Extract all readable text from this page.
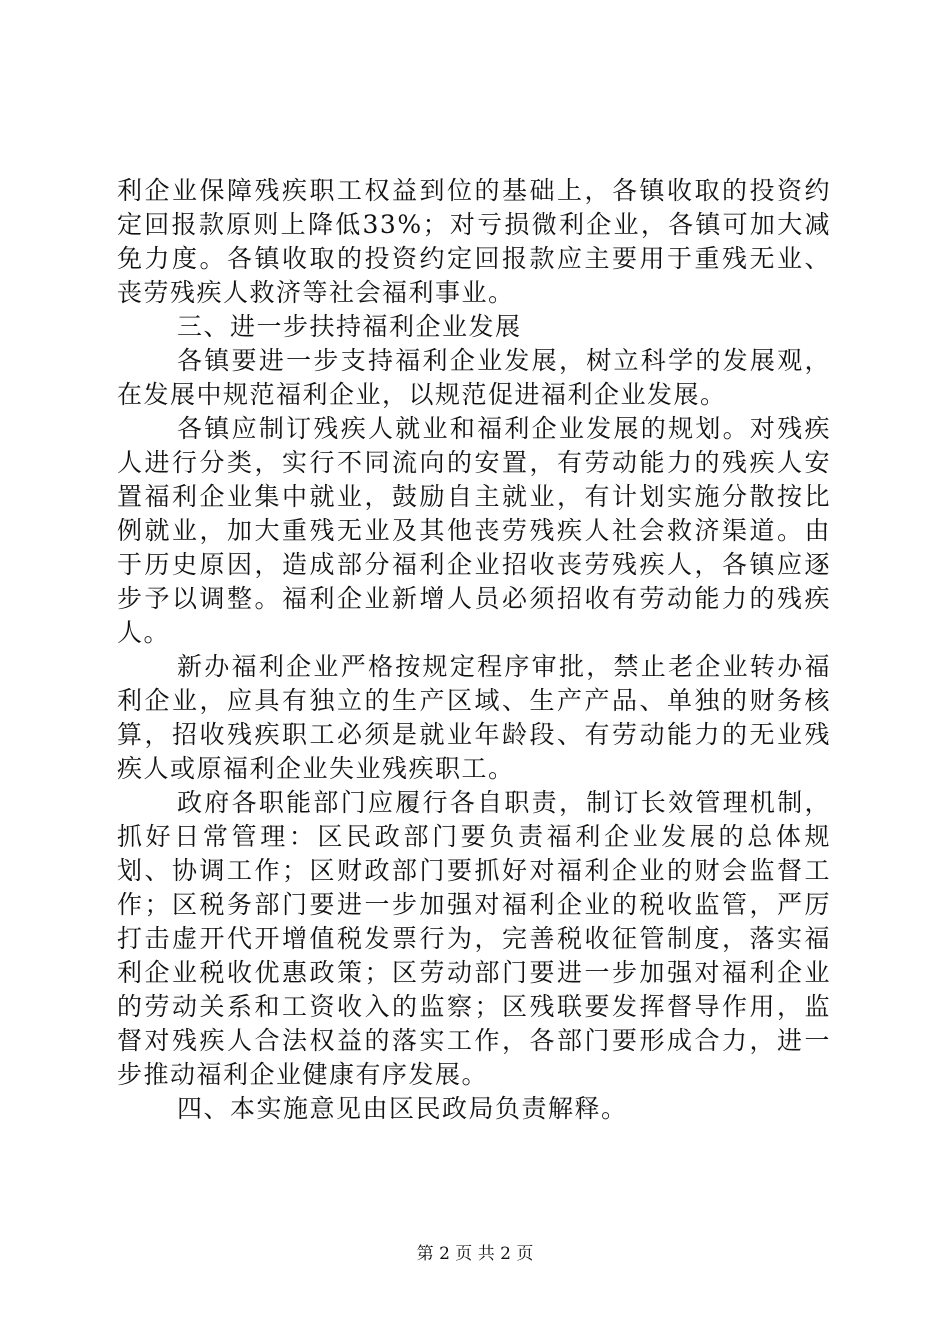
利企业保障残疾职工权益到位的基础上，各镇收取的投资约定回报款原则上降低33%；对亏损微利企业，各镇可加大减免力度。各镇收取的投资约定回报款应主要用于重残无业、丧劳残疾人救济等社会福利事业。

三、进一步扶持福利企业发展

各镇要进一步支持福利企业发展，树立科学的发展观，在发展中规范福利企业，以规范促进福利企业发展。

各镇应制订残疾人就业和福利企业发展的规划。对残疾人进行分类，实行不同流向的安置，有劳动能力的残疾人安置福利企业集中就业，鼓励自主就业，有计划实施分散按比例就业，加大重残无业及其他丧劳残疾人社会救济渠道。由于历史原因，造成部分福利企业招收丧劳残疾人，各镇应逐步予以调整。福利企业新增人员必须招收有劳动能力的残疾人。

新办福利企业严格按规定程序审批，禁止老企业转办福利企业，应具有独立的生产区域、生产产品、单独的财务核算，招收残疾职工必须是就业年龄段、有劳动能力的无业残疾人或原福利企业失业残疾职工。

政府各职能部门应履行各自职责，制订长效管理机制，抓好日常管理：区民政部门要负责福利企业发展的总体规划、协调工作；区财政部门要抓好对福利企业的财会监督工作；区税务部门要进一步加强对福利企业的税收监管，严厉打击虚开代开增值税发票行为，完善税收征管制度，落实福利企业税收优惠政策；区劳动部门要进一步加强对福利企业的劳动关系和工资收入的监察；区残联要发挥督导作用，监督对残疾人合法权益的落实工作，各部门要形成合力，进一步推动福利企业健康有序发展。

四、本实施意见由区民政局负责解释。

第 2 页 共 2 页
